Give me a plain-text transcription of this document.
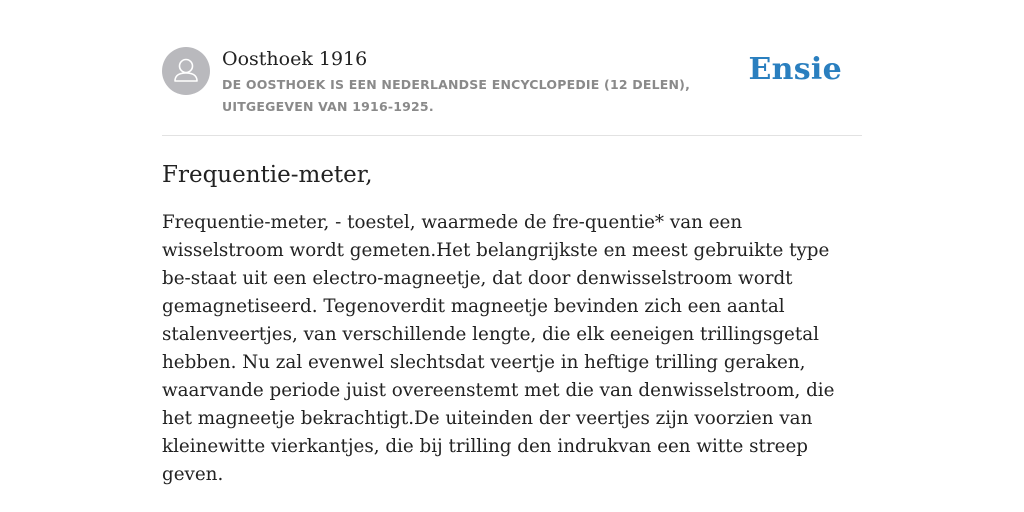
Oosthoek 1916
DE OOSTHOEK IS EEN NEDERLANDSE ENCYCLOPEDIE (12 DELEN), UITGEGEVEN VAN 1916-1925.
Ensie
Frequentie-meter,

Frequentie-meter, - toestel, waarmede de fre-quentie* van een wisselstroom wordt gemeten.Het belangrijkste en meest gebruikte type be-staat uit een electro-magneetje, dat door denwisselstroom wordt gemagnetiseerd. Tegenoverdit magneetje bevinden zich een aantal stalenveertjes, van verschillende lengte, die elk eeneigen trillingsgetal hebben. Nu zal evenwel slechtsdat veertje in heftige trilling geraken, waarvande periode juist overeenstemt met die van denwisselstroom, die het magneetje bekrachtigt.De uiteinden der veertjes zijn voorzien van kleinewitte vierkantjes, die bij trilling den indrukvan een witte streep geven.
